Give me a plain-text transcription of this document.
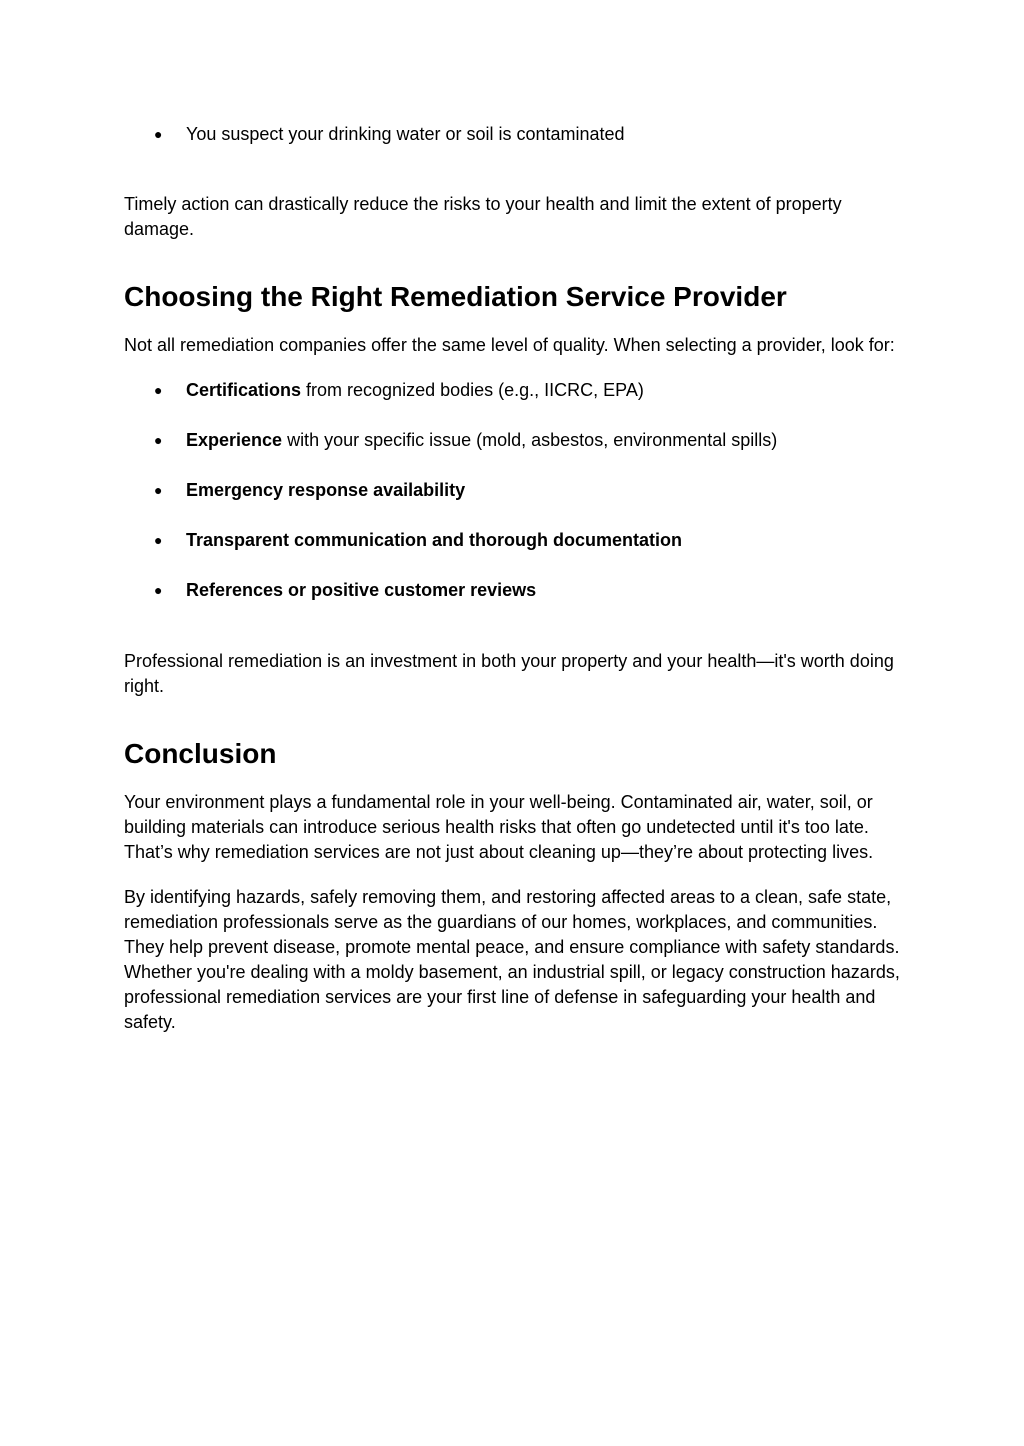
● You suspect your drinking water or soil is contaminated

Timely action can drastically reduce the risks to your health and limit the extent of property damage.

Choosing the Right Remediation Service Provider

Not all remediation companies offer the same level of quality. When selecting a provider, look for:

● Certifications from recognized bodies (e.g., IICRC, EPA)
● Experience with your specific issue (mold, asbestos, environmental spills)
● Emergency response availability
● Transparent communication and thorough documentation
● References or positive customer reviews

Professional remediation is an investment in both your property and your health—it's worth doing right.

Conclusion

Your environment plays a fundamental role in your well-being. Contaminated air, water, soil, or building materials can introduce serious health risks that often go undetected until it's too late. That’s why remediation services are not just about cleaning up—they’re about protecting lives.

By identifying hazards, safely removing them, and restoring affected areas to a clean, safe state, remediation professionals serve as the guardians of our homes, workplaces, and communities. They help prevent disease, promote mental peace, and ensure compliance with safety standards. Whether you're dealing with a moldy basement, an industrial spill, or legacy construction hazards, professional remediation services are your first line of defense in safeguarding your health and safety.
